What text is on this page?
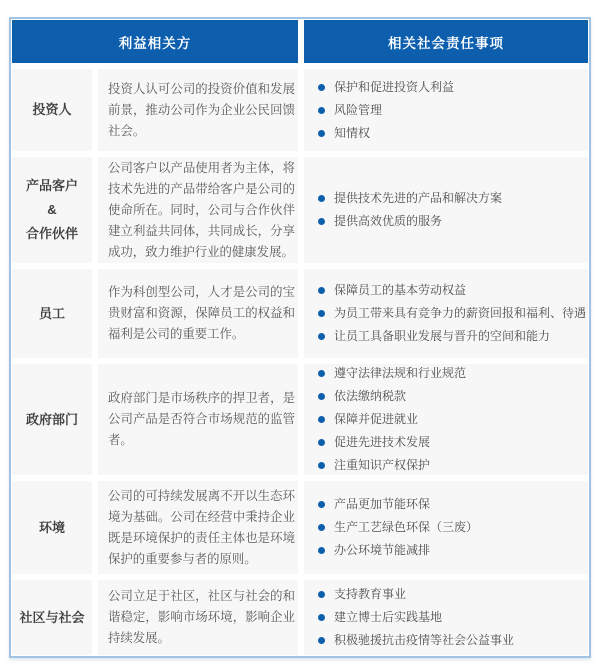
利益相关方	相关社会责任事项
投资人
投资人认可公司的投资价值和发展前景，推动公司作为企业公民回馈社会。
保护和促进投资人利益
风险管理
知情权
产品客户
&
合作伙伴
公司客户以产品使用者为主体，将技术先进的产品带给客户是公司的使命所在。同时，公司与合作伙伴建立利益共同体，共同成长，分享成功，致力维护行业的健康发展。
提供技术先进的产品和解决方案
提供高效优质的服务
员工
作为科创型公司，人才是公司的宝贵财富和资源，保障员工的权益和福利是公司的重要工作。
保障员工的基本劳动权益
为员工带来具有竞争力的薪资回报和福利、待遇
让员工具备职业发展与晋升的空间和能力
政府部门
政府部门是市场秩序的捍卫者，是公司产品是否符合市场规范的监管者。
遵守法律法规和行业规范
依法缴纳税款
保障并促进就业
促进先进技术发展
注重知识产权保护
环境
公司的可持续发展离不开以生态环境为基础。公司在经营中秉持企业既是环境保护的责任主体也是环境保护的重要参与者的原则。
产品更加节能环保
生产工艺绿色环保（三废）
办公环境节能减排
社区与社会
公司立足于社区，社区与社会的和谐稳定，影响市场环境，影响企业持续发展。
支持教育事业
建立博士后实践基地
积极驰援抗击疫情等社会公益事业
